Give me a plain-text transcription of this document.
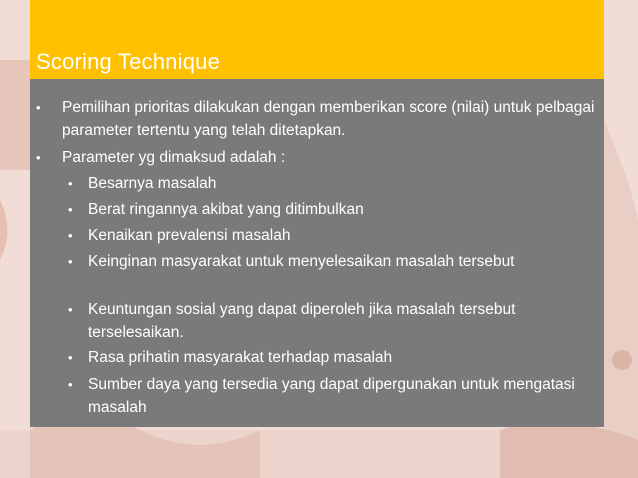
Scoring Technique

• Pemilihan prioritas dilakukan dengan memberikan score (nilai) untuk pelbagai parameter tertentu yang telah ditetapkan.

• Parameter yg dimaksud adalah :

• Besarnya masalah

• Berat ringannya akibat yang ditimbulkan

• Kenaikan prevalensi masalah

• Keinginan masyarakat untuk menyelesaikan masalah tersebut

• Keuntungan sosial yang dapat diperoleh jika masalah tersebut terselesaikan.

• Rasa prihatin masyarakat terhadap masalah

• Sumber daya yang tersedia yang dapat dipergunakan untuk mengatasi masalah
